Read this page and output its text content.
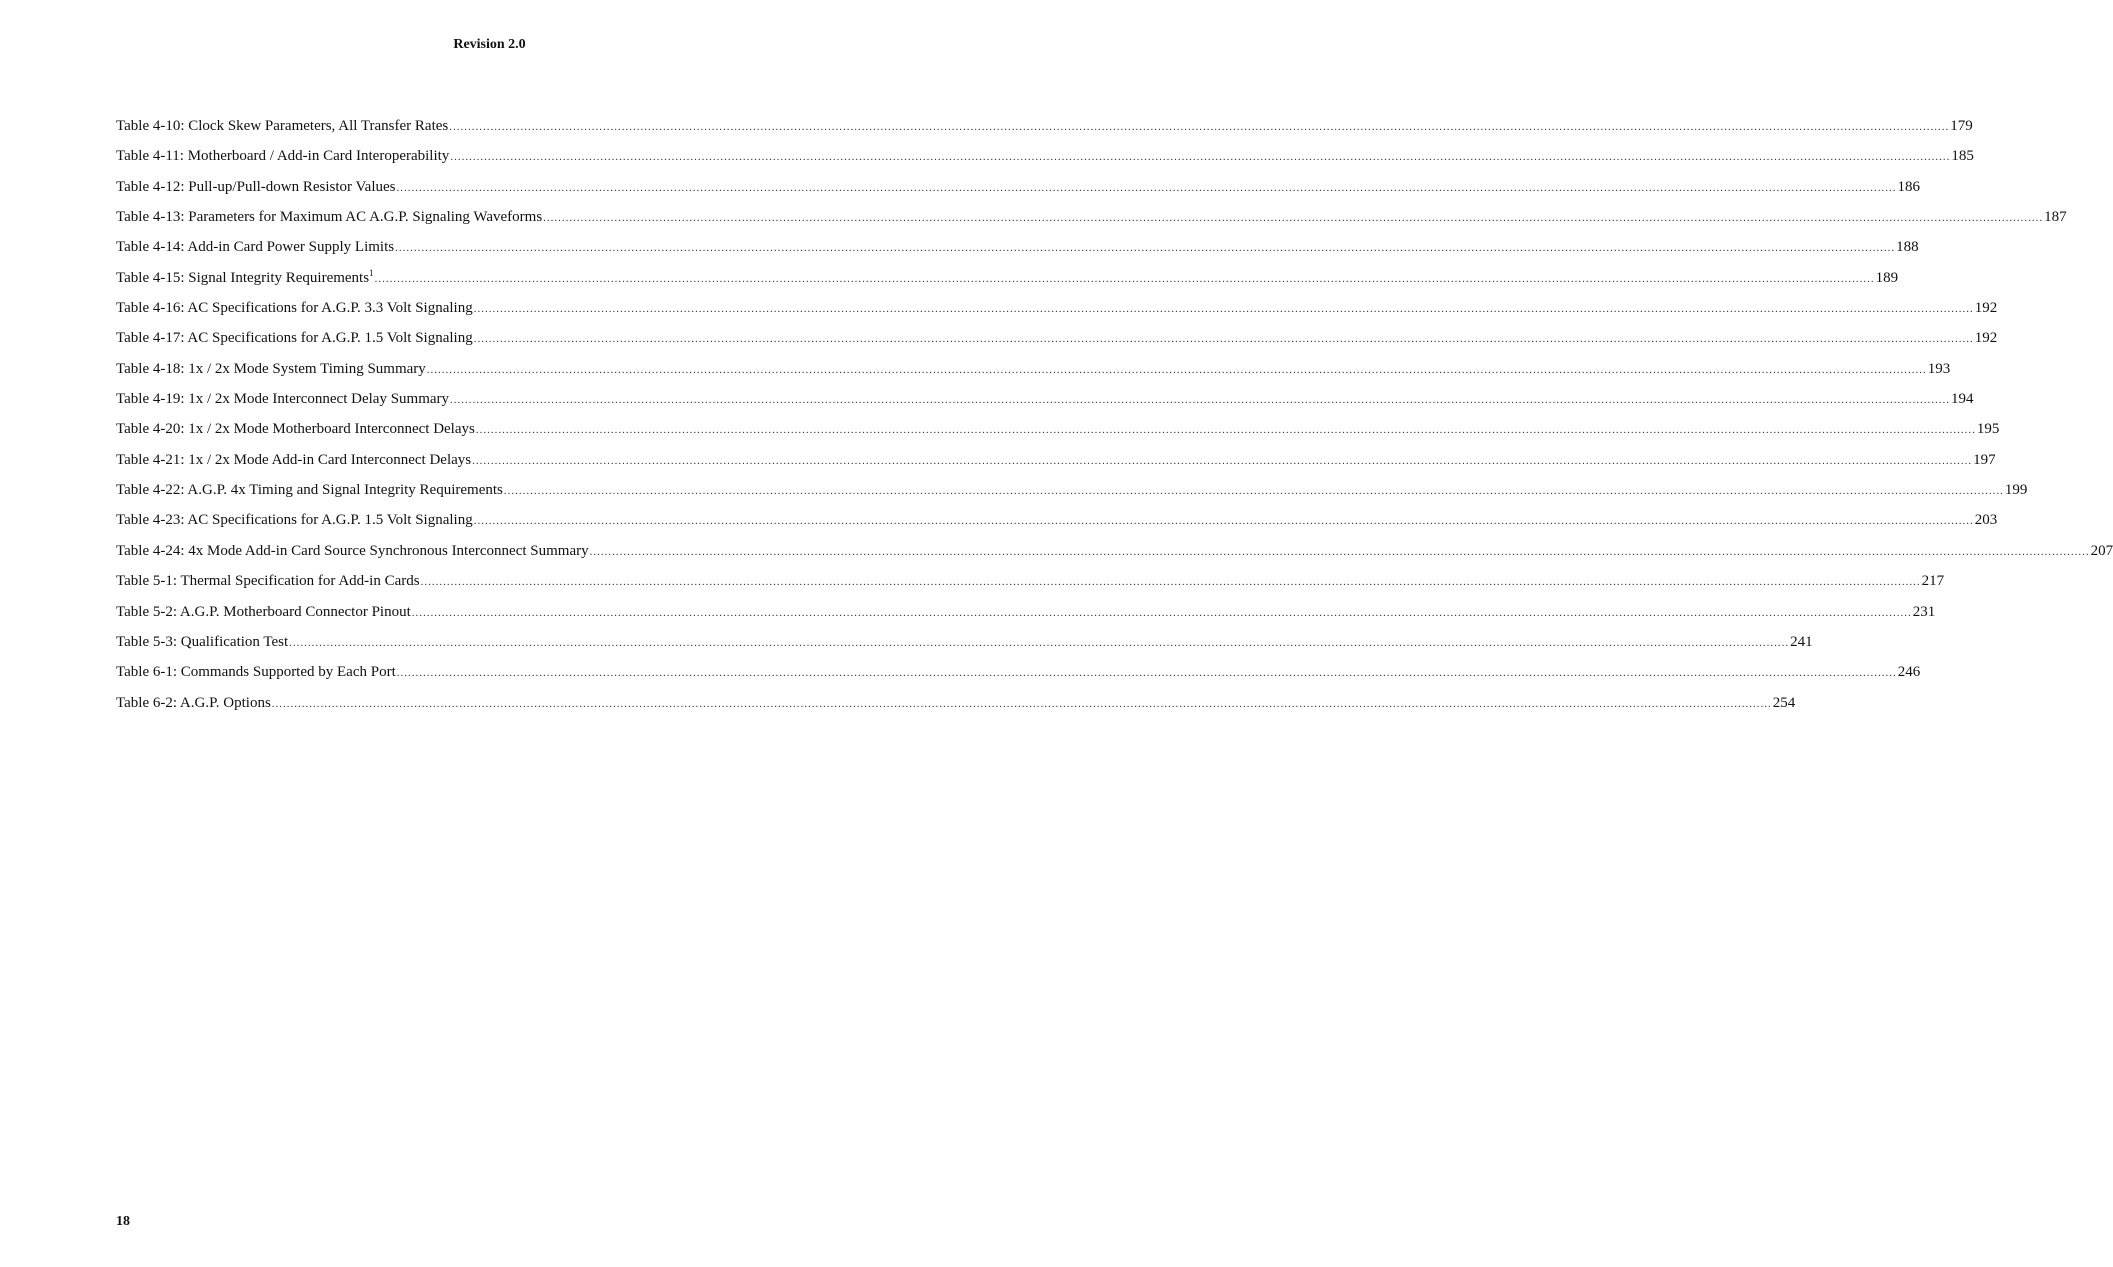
Revision 2.0
Table 4-10: Clock Skew Parameters, All Transfer Rates ................................................................................................................................................................................................................................................................................................................................................................................................................ 179
Table 4-11: Motherboard / Add-in Card Interoperability ................................................................................................................................................................................................................................................................................................................................................................................................................ 185
Table 4-12: Pull-up/Pull-down Resistor Values ................................................................................................................................................................................................................................................................................................................................................................................................................ 186
Table 4-13: Parameters for Maximum AC A.G.P. Signaling Waveforms ................................................................................................................................................................................................................................................................................................................................................................................................................ 187
Table 4-14: Add-in Card Power Supply Limits ................................................................................................................................................................................................................................................................................................................................................................................................................ 188
Table 4-15: Signal Integrity Requirements$^1$ ................................................................................................................................................................................................................................................................................................................................................................................................................ 189
Table 4-16: AC Specifications for A.G.P. 3.3 Volt Signaling ................................................................................................................................................................................................................................................................................................................................................................................................................ 192
Table 4-17: AC Specifications for A.G.P. 1.5 Volt Signaling ................................................................................................................................................................................................................................................................................................................................................................................................................ 192
Table 4-18: 1x / 2x Mode System Timing Summary ................................................................................................................................................................................................................................................................................................................................................................................................................ 193
Table 4-19: 1x / 2x Mode Interconnect Delay Summary ................................................................................................................................................................................................................................................................................................................................................................................................................ 194
Table 4-20: 1x / 2x Mode Motherboard Interconnect Delays ................................................................................................................................................................................................................................................................................................................................................................................................................ 195
Table 4-21: 1x / 2x Mode Add-in Card Interconnect Delays ................................................................................................................................................................................................................................................................................................................................................................................................................ 197
Table 4-22: A.G.P. 4x Timing and Signal Integrity Requirements ................................................................................................................................................................................................................................................................................................................................................................................................................ 199
Table 4-23: AC Specifications for A.G.P. 1.5 Volt Signaling ................................................................................................................................................................................................................................................................................................................................................................................................................ 203
Table 4-24: 4x Mode Add-in Card Source Synchronous Interconnect Summary ................................................................................................................................................................................................................................................................................................................................................................................................................ 207
Table 5-1: Thermal Specification for Add-in Cards ................................................................................................................................................................................................................................................................................................................................................................................................................ 217
Table 5-2: A.G.P. Motherboard Connector Pinout ................................................................................................................................................................................................................................................................................................................................................................................................................ 231
Table 5-3: Qualification Test ................................................................................................................................................................................................................................................................................................................................................................................................................ 241
Table 6-1: Commands Supported by Each Port ................................................................................................................................................................................................................................................................................................................................................................................................................ 246
Table 6-2: A.G.P. Options ................................................................................................................................................................................................................................................................................................................................................................................................................ 254
18
